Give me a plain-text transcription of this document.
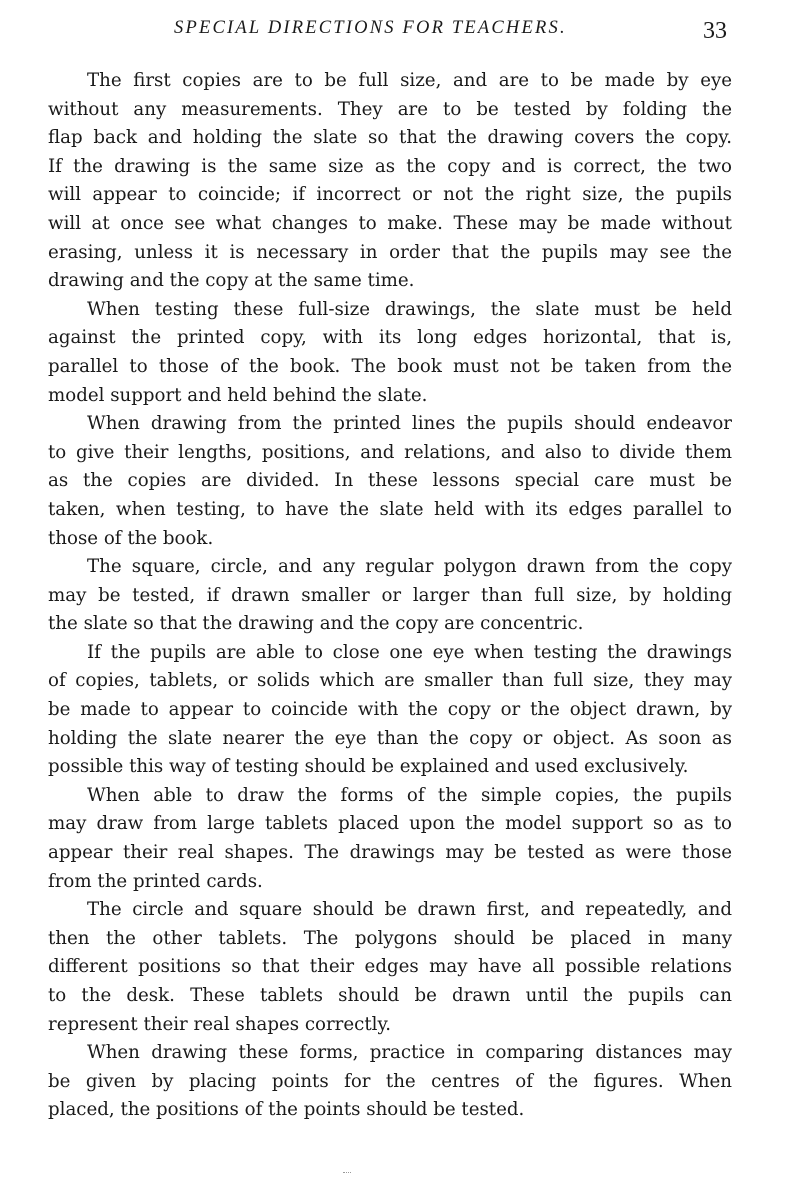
SPECIAL DIRECTIONS FOR TEACHERS.	33

The first copies are to be full size, and are to be made by eye
without any measurements. They are to be tested by folding the
flap back and holding the slate so that the drawing covers the copy.
If the drawing is the same size as the copy and is correct, the two
will appear to coincide; if incorrect or not the right size, the pupils
will at once see what changes to make. These may be made without
erasing, unless it is necessary in order that the pupils may see the
drawing and the copy at the same time.

When testing these full-size drawings, the slate must be held
against the printed copy, with its long edges horizontal, that is,
parallel to those of the book. The book must not be taken from the
model support and held behind the slate.

When drawing from the printed lines the pupils should endeavor
to give their lengths, positions, and relations, and also to divide them
as the copies are divided. In these lessons special care must be
taken, when testing, to have the slate held with its edges parallel to
those of the book.

The square, circle, and any regular polygon drawn from the copy
may be tested, if drawn smaller or larger than full size, by holding
the slate so that the drawing and the copy are concentric.

If the pupils are able to close one eye when testing the drawings
of copies, tablets, or solids which are smaller than full size, they may
be made to appear to coincide with the copy or the object drawn, by
holding the slate nearer the eye than the copy or object. As soon as
possible this way of testing should be explained and used exclusively.

When able to draw the forms of the simple copies, the pupils
may draw from large tablets placed upon the model support so as to
appear their real shapes. The drawings may be tested as were those
from the printed cards.

The circle and square should be drawn first, and repeatedly, and
then the other tablets. The polygons should be placed in many
different positions so that their edges may have all possible relations
to the desk. These tablets should be drawn until the pupils can
represent their real shapes correctly.

When drawing these forms, practice in comparing distances may
be given by placing points for the centres of the figures. When
placed, the positions of the points should be tested.
